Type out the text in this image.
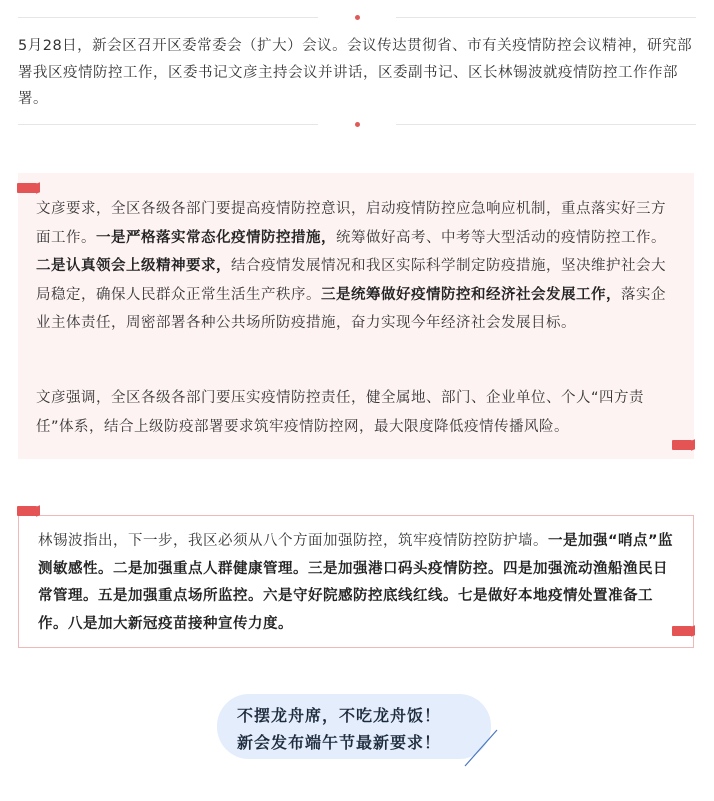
5月28日，新会区召开区委常委会（扩大）会议。会议传达贯彻省、市有关疫情防控会议精神，研究部署我区疫情防控工作，区委书记文彦主持会议并讲话，区委副书记、区长林锡波就疫情防控工作作部署。

文彦要求，全区各级各部门要提高疫情防控意识，启动疫情防控应急响应机制，重点落实好三方面工作。一是严格落实常态化疫情防控措施，统筹做好高考、中考等大型活动的疫情防控工作。二是认真领会上级精神要求，结合疫情发展情况和我区实际科学制定防疫措施，坚决维护社会大局稳定，确保人民群众正常生活生产秩序。三是统筹做好疫情防控和经济社会发展工作，落实企业主体责任，周密部署各种公共场所防疫措施，奋力实现今年经济社会发展目标。

文彦强调，全区各级各部门要压实疫情防控责任，健全属地、部门、企业单位、个人“四方责任”体系，结合上级防疫部署要求筑牢疫情防控网，最大限度降低疫情传播风险。

林锡波指出，下一步，我区必须从八个方面加强防控，筑牢疫情防控防护墙。一是加强“哨点”监测敏感性。二是加强重点人群健康管理。三是加强港口码头疫情防控。四是加强流动渔船渔民日常管理。五是加强重点场所监控。六是守好院感防控底线红线。七是做好本地疫情处置准备工作。八是加大新冠疫苗接种宣传力度。

不摆龙舟席，不吃龙舟饭！
新会发布端午节最新要求！
